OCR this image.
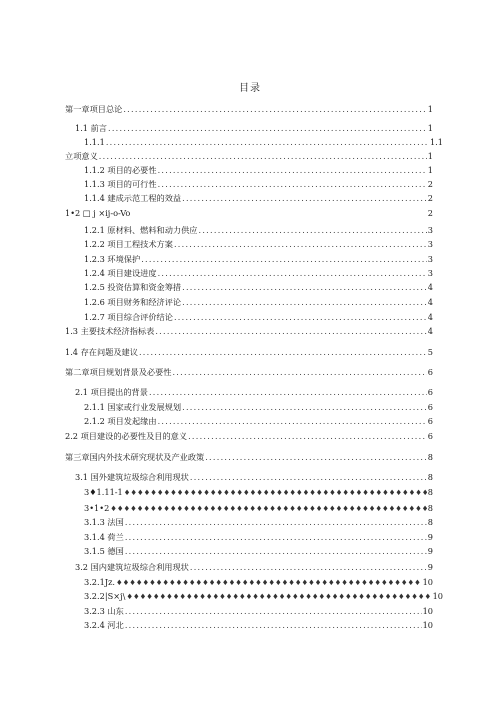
目录
第一章项目总论 .....	1
1.1 前言 .....	1
1.1.1 .....	1.1
立项意义 .....	1
1.1.2 项目的必要性 .....	1
1.1.3 项目的可行性 .....	2
1.1.4 建成示范工程的效益 .....	2
1•2 □ j ×ij-o-Vo	2
1.2.1 原材料、燃料和动力供应 .....	3
1.2.2 项目工程技术方案 .....	3
1.2.3 环境保护 .....	3
1.2.4 项目建设进度 .....	3
1.2.5 投资估算和资金筹措 .....	4
1.2.6 项目财务和经济评论 .....	4
1.2.7 项目综合评价结论 .....	4
1.3 主要技术经济指标表 .....	4
1.4 存在问题及建议 .....	5
第二章项目规划背景及必要性 .....	6
2.1 项目提出的背景 .....	6
2.1.1 国家或行业发展规划 .....	6
2.1.2 项目发起缘由 .....	6
2.2 项目建设的必要性及目的意义 .....	6
第三章国内外技术研究现状及产业政策 .....	8
3.1 国外建筑垃圾综合利用现状 .....	8
3♦1.11-1 ♦♦♦♦♦♦♦♦♦♦♦♦♦♦♦♦♦♦♦♦♦♦♦♦♦♦♦♦♦♦♦♦♦♦♦♦♦♦♦♦♦♦♦♦♦♦♦♦♦♦♦♦♦♦♦♦♦♦♦♦♦♦♦♦♦♦♦♦♦♦♦♦♦♦♦♦♦♦♦♦♦♦♦♦♦♦♦♦♦♦♦♦♦♦♦♦♦♦	8
3•1•2 ♦♦♦♦♦♦♦♦♦♦♦♦♦♦♦♦♦♦♦♦♦♦♦♦♦♦♦♦♦♦♦♦♦♦♦♦♦♦♦♦♦♦♦♦♦♦♦♦♦♦♦♦♦♦♦♦♦♦♦♦♦♦♦♦♦♦♦♦♦♦♦♦♦♦♦♦♦♦♦♦♦♦♦♦♦♦♦♦♦♦♦♦♦♦♦♦♦♦	8
3.1.3 法国 .....	8
3.1.4 荷兰 .....	9
3.1.5 德国 .....	9
3.2 国内建筑垃圾综合利用现状 .....	9
3.2.1Jz. ♦♦♦♦♦♦♦♦♦♦♦♦♦♦♦♦♦♦♦♦♦♦♦♦♦♦♦♦♦♦♦♦♦♦♦♦♦♦♦♦♦♦♦♦♦♦♦♦♦♦♦♦♦♦♦♦♦♦♦♦♦♦♦♦♦♦♦♦♦♦♦♦♦♦♦♦♦♦♦♦♦♦♦♦♦♦♦♦♦♦♦♦♦♦♦♦♦♦	10
3.2.2|S×j\ ♦♦♦♦♦♦♦♦♦♦♦♦♦♦♦♦♦♦♦♦♦♦♦♦♦♦♦♦♦♦♦♦♦♦♦♦♦♦♦♦♦♦♦♦♦♦♦♦♦♦♦♦♦♦♦♦♦♦♦♦♦♦♦♦♦♦♦♦♦♦♦♦♦♦♦♦♦♦♦♦♦♦♦♦♦♦♦♦♦♦♦♦♦♦♦♦♦♦	10
3.2.3 山东 .....	10
3.2.4 河北 .....	10
